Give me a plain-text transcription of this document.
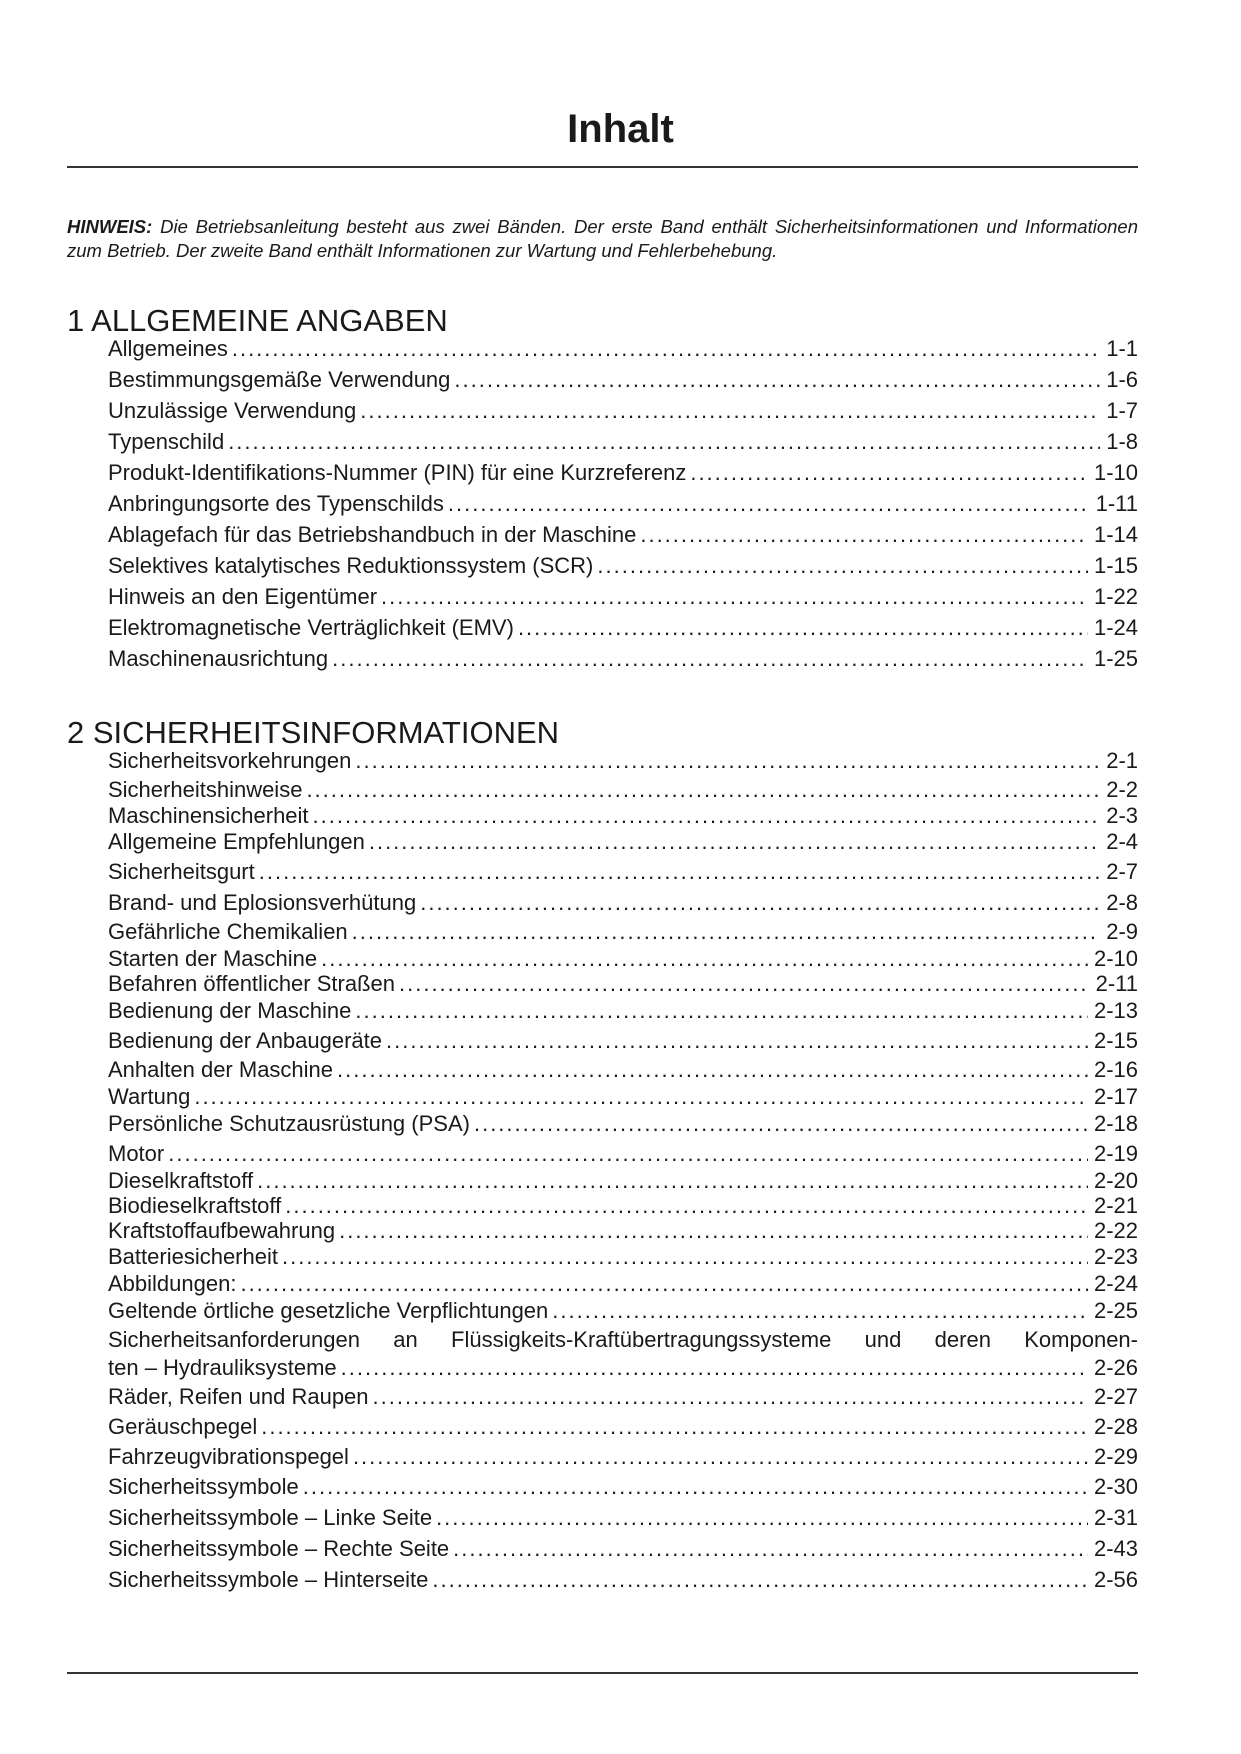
Inhalt

HINWEIS: Die Betriebsanleitung besteht aus zwei Bänden. Der erste Band enthält Sicherheitsinformationen und Informationen zum Betrieb. Der zweite Band enthält Informationen zur Wartung und Fehlerbehebung.

1 ALLGEMEINE ANGABEN
Allgemeines .....	1-1
Bestimmungsgemäße Verwendung .....	1-6
Unzulässige Verwendung .....	1-7
Typenschild .....	1-8
Produkt-Identifikations-Nummer (PIN) für eine Kurzreferenz .....	1-10
Anbringungsorte des Typenschilds .....	1-11
Ablagefach für das Betriebshandbuch in der Maschine .....	1-14
Selektives katalytisches Reduktionssystem (SCR) .....	1-15
Hinweis an den Eigentümer .....	1-22
Elektromagnetische Verträglichkeit (EMV) .....	1-24
Maschinenausrichtung .....	1-25
2 SICHERHEITSINFORMATIONEN
Sicherheitsvorkehrungen .....	2-1
Sicherheitshinweise .....	2-2
Maschinensicherheit .....	2-3
Allgemeine Empfehlungen .....	2-4
Sicherheitsgurt .....	2-7
Brand- und Eplosionsverhütung .....	2-8
Gefährliche Chemikalien .....	2-9
Starten der Maschine .....	2-10
Befahren öffentlicher Straßen .....	2-11
Bedienung der Maschine .....	2-13
Bedienung der Anbaugeräte .....	2-15
Anhalten der Maschine .....	2-16
Wartung .....	2-17
Persönliche Schutzausrüstung (PSA) .....	2-18
Motor .....	2-19
Dieselkraftstoff .....	2-20
Biodieselkraftstoff .....	2-21
Kraftstoffaufbewahrung .....	2-22
Batteriesicherheit .....	2-23
Abbildungen: .....	2-24
Geltende örtliche gesetzliche Verpflichtungen .....	2-25
Sicherheitsanforderungen an Flüssigkeits-Kraftübertragungssysteme und deren Komponen-
ten – Hydrauliksysteme .....	2-26
Räder, Reifen und Raupen .....	2-27
Geräuschpegel .....	2-28
Fahrzeugvibrationspegel .....	2-29
Sicherheitssymbole .....	2-30
Sicherheitssymbole – Linke Seite .....	2-31
Sicherheitssymbole – Rechte Seite .....	2-43
Sicherheitssymbole – Hinterseite .....	2-56
